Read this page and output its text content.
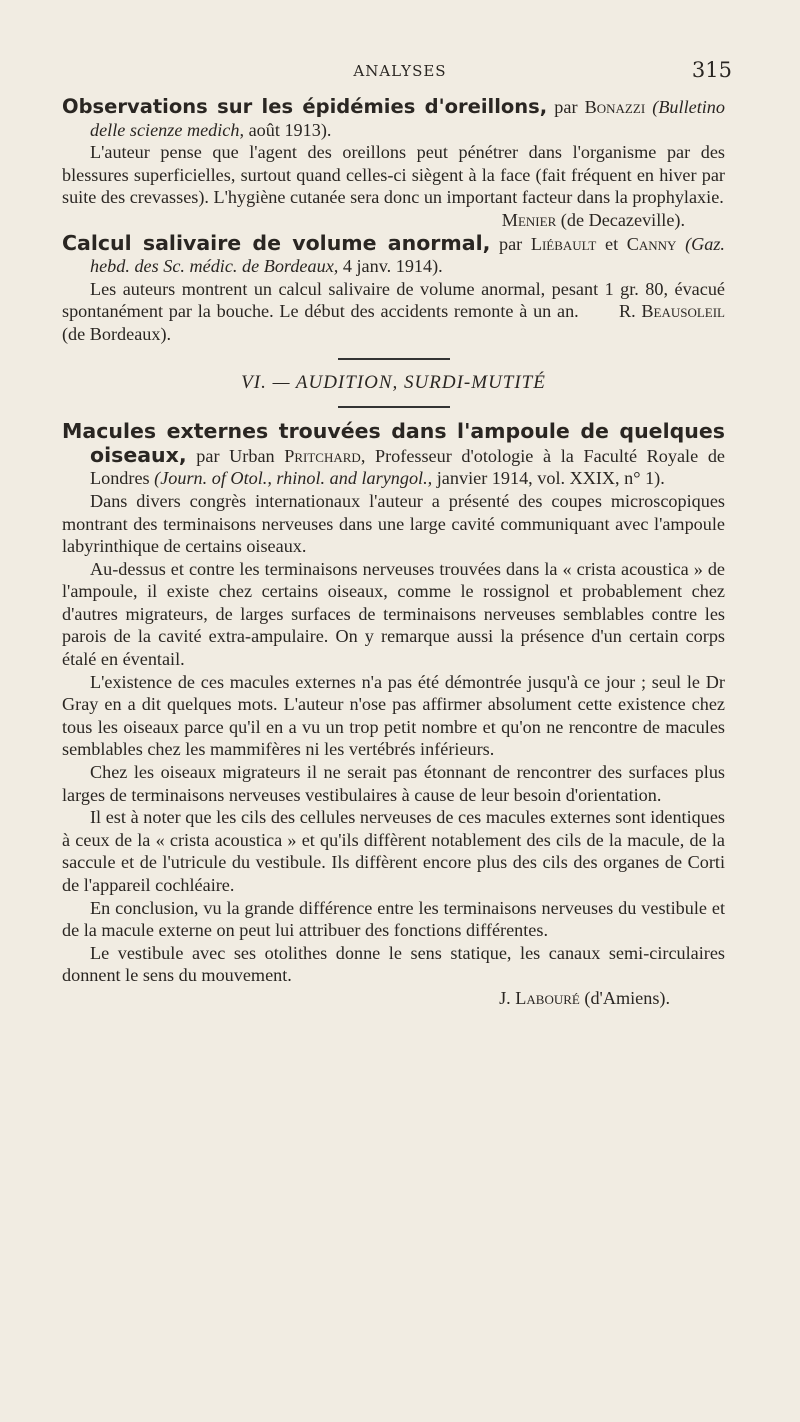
ANALYSES	315

Observations sur les épidémies d'oreillons, par Bonazzi (Bulletino delle scienze medich, août 1913).

L'auteur pense que l'agent des oreillons peut pénétrer dans l'organisme par des blessures superficielles, surtout quand celles-ci siègent à la face (fait fréquent en hiver par suite des crevasses). L'hygiène cutanée sera donc un important facteur dans la prophylaxie.

Menier (de Decazeville).

Calcul salivaire de volume anormal, par Liébault et Canny (Gaz. hebd. des Sc. médic. de Bordeaux, 4 janv. 1914).

Les auteurs montrent un calcul salivaire de volume anormal, pesant 1 gr. 80, évacué spontanément par la bouche. Le début des accidents remonte à un an. R. Beausoleil (de Bordeaux).

VI. — AUDITION, SURDI-MUTITÉ

Macules externes trouvées dans l'ampoule de quelques oiseaux, par Urban Pritchard, Professeur d'otologie à la Faculté Royale de Londres (Journ. of Otol., rhinol. and laryngol., janvier 1914, vol. XXIX, n° 1).

Dans divers congrès internationaux l'auteur a présenté des coupes microscopiques montrant des terminaisons nerveuses dans une large cavité communiquant avec l'ampoule labyrinthique de certains oiseaux.

Au-dessus et contre les terminaisons nerveuses trouvées dans la « crista acoustica » de l'ampoule, il existe chez certains oiseaux, comme le rossignol et probablement chez d'autres migrateurs, de larges surfaces de terminaisons nerveuses semblables contre les parois de la cavité extra-ampulaire. On y remarque aussi la présence d'un certain corps étalé en éventail.

L'existence de ces macules externes n'a pas été démontrée jusqu'à ce jour ; seul le Dr Gray en a dit quelques mots. L'auteur n'ose pas affirmer absolument cette existence chez tous les oiseaux parce qu'il en a vu un trop petit nombre et qu'on ne rencontre de macules semblables chez les mammifères ni les vertébrés inférieurs.

Chez les oiseaux migrateurs il ne serait pas étonnant de rencontrer des surfaces plus larges de terminaisons nerveuses vestibulaires à cause de leur besoin d'orientation.

Il est à noter que les cils des cellules nerveuses de ces macules externes sont identiques à ceux de la « crista acoustica » et qu'ils diffèrent notablement des cils de la macule, de la saccule et de l'utricule du vestibule. Ils diffèrent encore plus des cils des organes de Corti de l'appareil cochléaire.

En conclusion, vu la grande différence entre les terminaisons nerveuses du vestibule et de la macule externe on peut lui attribuer des fonctions différentes.

Le vestibule avec ses otolithes donne le sens statique, les canaux semi-circulaires donnent le sens du mouvement.

J. Labouré (d'Amiens).
